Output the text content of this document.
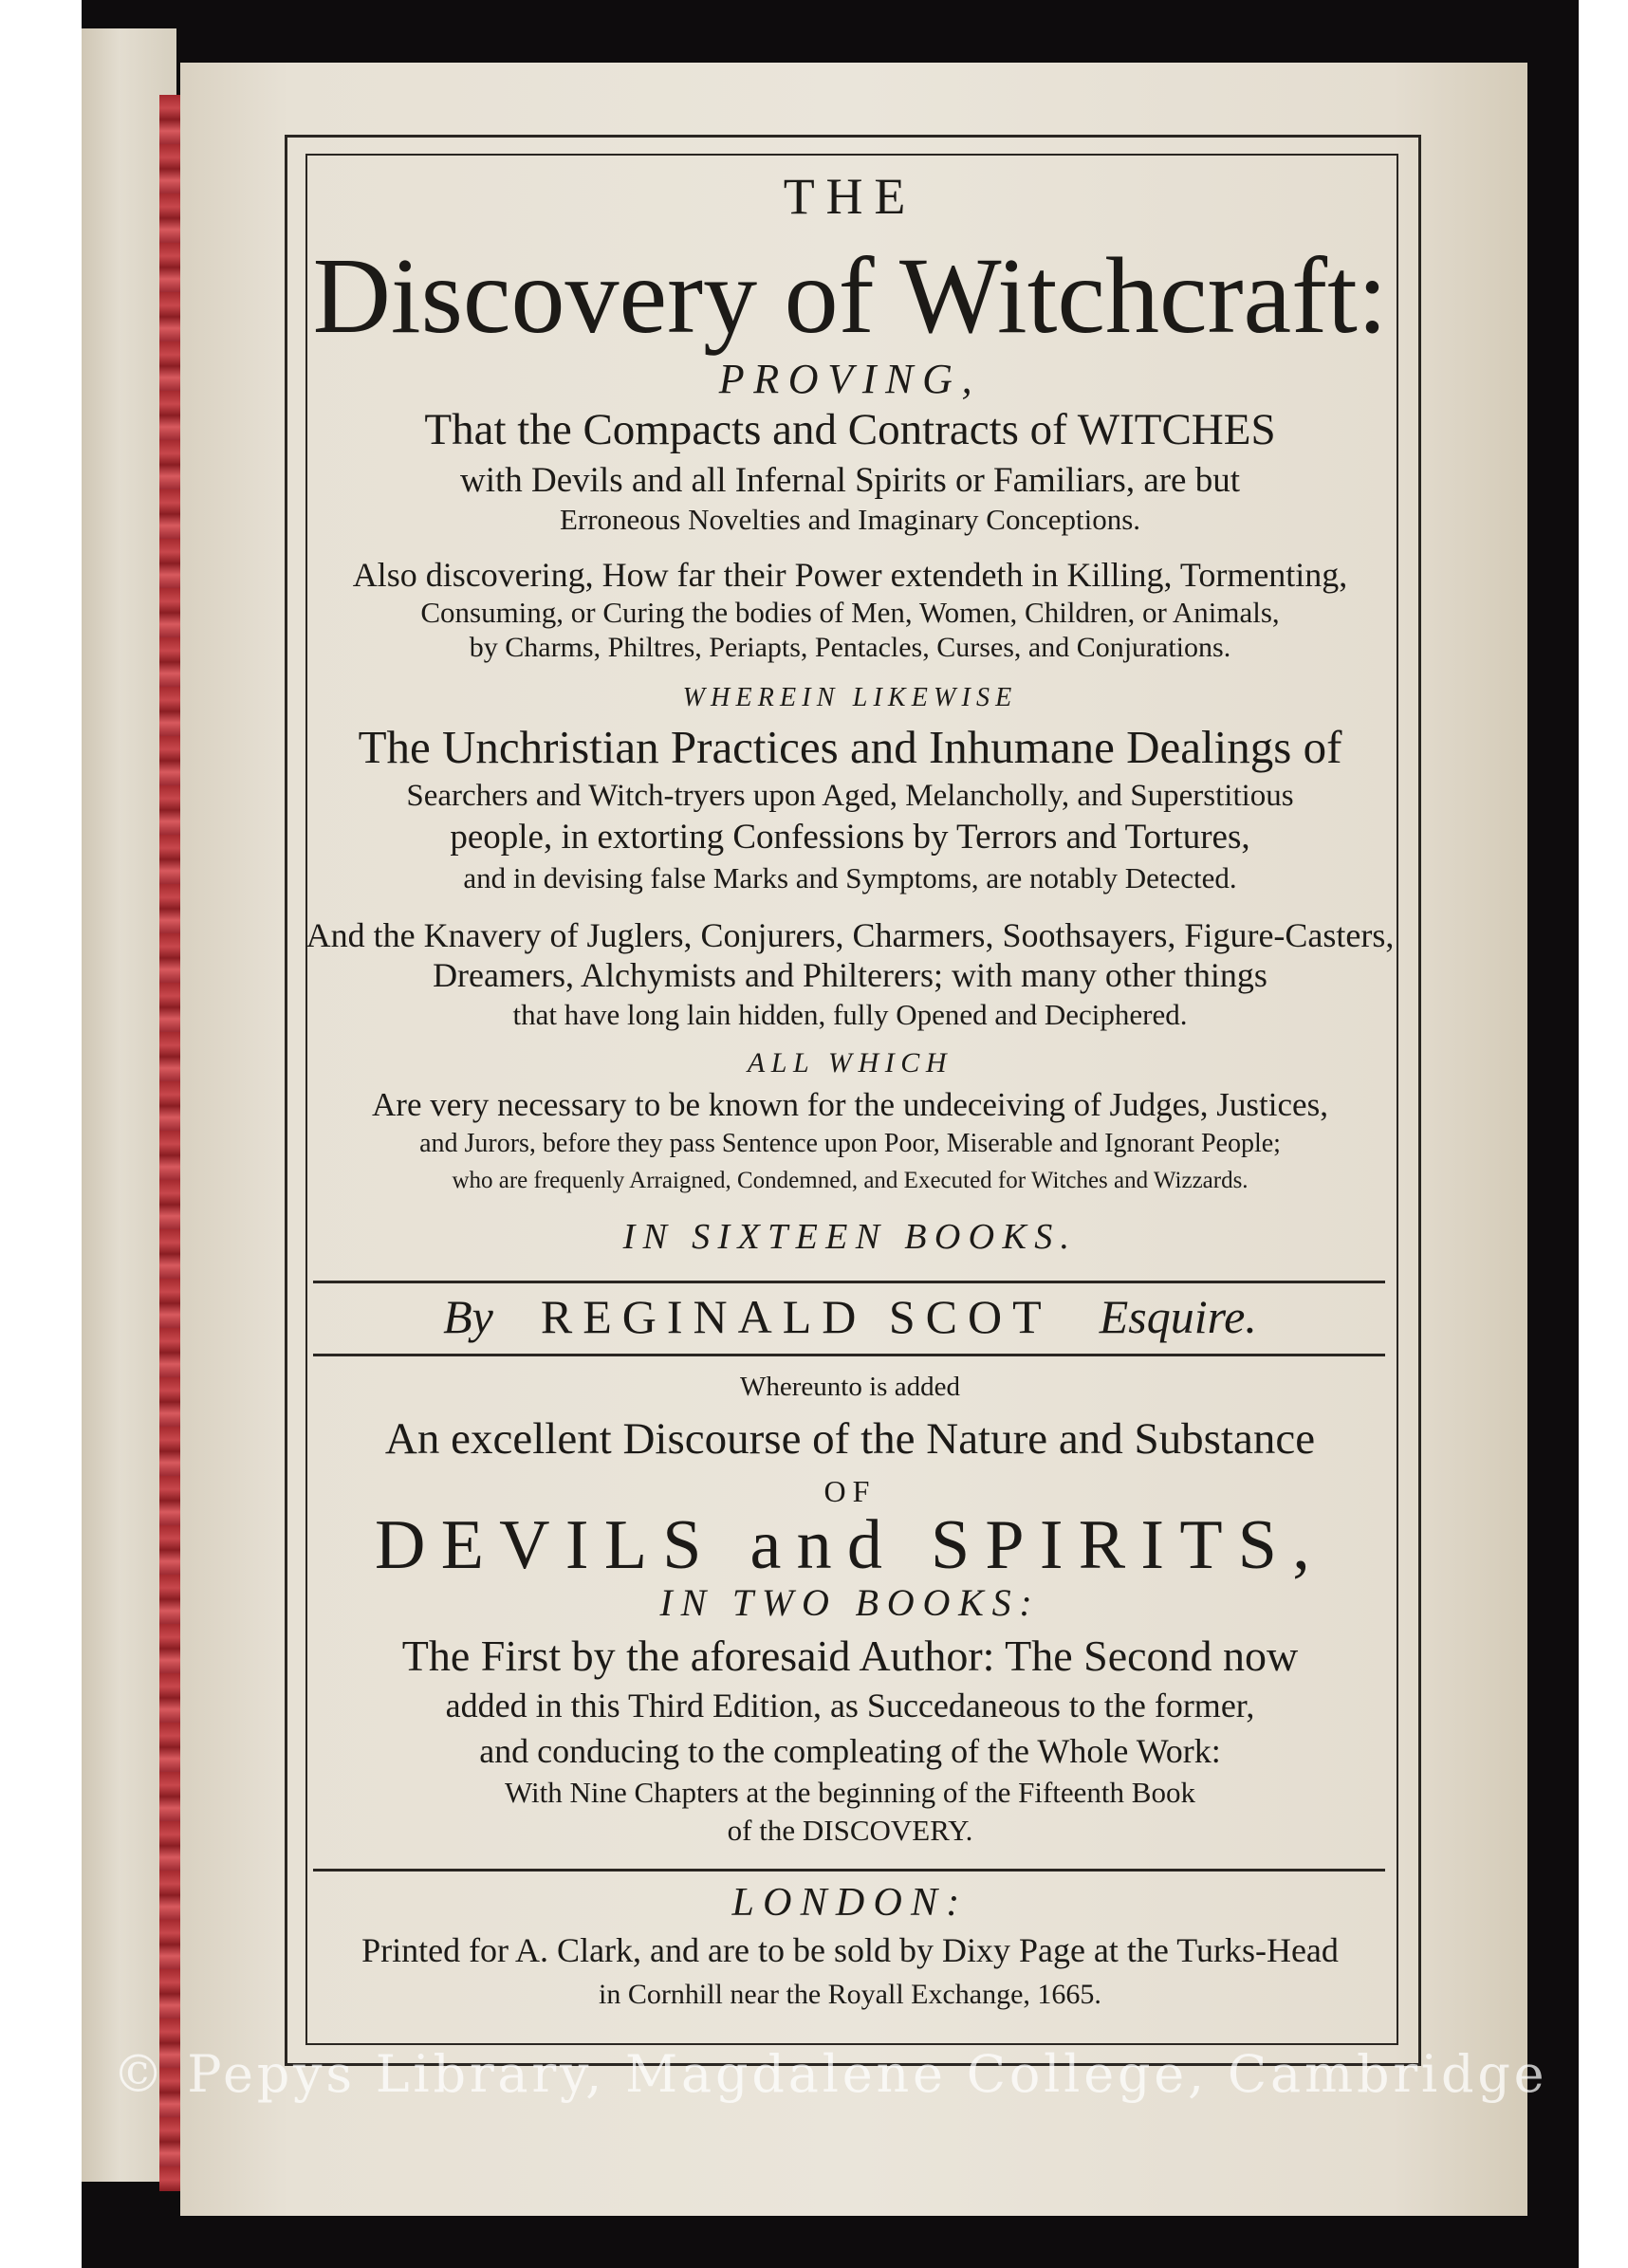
THE
Discovery of Witchcraft:
PROVING,
That the Compacts and Contracts of WITCHES
with Devils and all Infernal Spirits or Familiars, are but
Erroneous Novelties and Imaginary Conceptions.
Also discovering, How far their Power extendeth in Killing, Tormenting,
Consuming, or Curing the bodies of Men, Women, Children, or Animals,
by Charms, Philtres, Periapts, Pentacles, Curses, and Conjurations.
WHEREIN LIKEWISE
The Unchristian Practices and Inhumane Dealings of
Searchers and Witch-tryers upon Aged, Melancholly, and Superstitious
people, in extorting Confessions by Terrors and Tortures,
and in devising false Marks and Symptoms, are notably Detected.
And the Knavery of Juglers, Conjurers, Charmers, Soothsayers, Figure-Casters,
Dreamers, Alchymists and Philterers; with many other things
that have long lain hidden, fully Opened and Deciphered.
ALL WHICH
Are very necessary to be known for the undeceiving of Judges, Justices,
and Jurors, before they pass Sentence upon Poor, Miserable and Ignorant People;
who are frequenly Arraigned, Condemned, and Executed for Witches and Wizzards.
IN SIXTEEN BOOKS.
By REGINALD SCOT Esquire.
Whereunto is added
An excellent Discourse of the Nature and Substance
OF
DEVILS and SPIRITS,
IN TWO BOOKS:
The First by the aforesaid Author: The Second now
added in this Third Edition, as Succedaneous to the former,
and conducing to the compleating of the Whole Work:
With Nine Chapters at the beginning of the Fifteenth Book
of the DISCOVERY.
LONDON:
Printed for A. Clark, and are to be sold by Dixy Page at the Turks-Head
in Cornhill near the Royall Exchange, 1665.
© Pepys Library, Magdalene College, Cambridge
